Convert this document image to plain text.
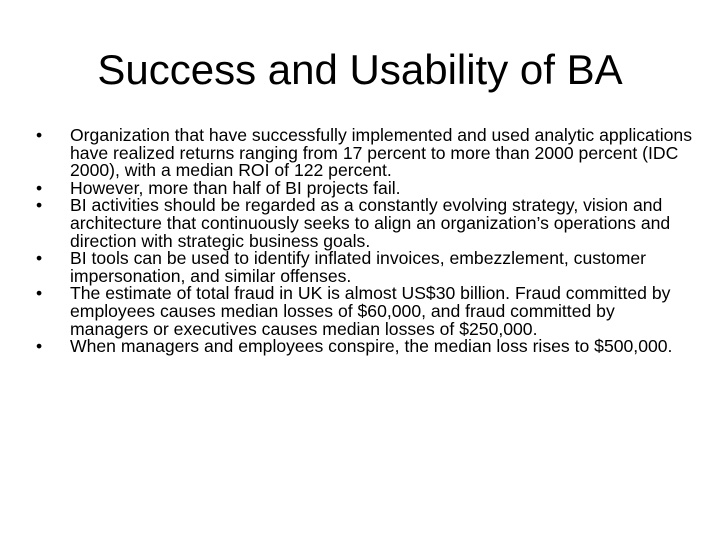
Success and Usability of BA
•	Organization that have successfully implemented and used analytic applications have realized returns ranging from 17 percent to more than 2000 percent (IDC 2000), with a median ROI of 122 percent.
•	However, more than half of BI projects fail.
•	BI activities should be regarded as a constantly evolving strategy, vision and architecture that continuously seeks to align an organization’s operations and direction with strategic business goals.
•	BI tools can be used to identify inflated invoices, embezzlement, customer impersonation, and similar offenses.
•	The estimate of total fraud in UK is almost US$30 billion. Fraud committed by employees causes median losses of $60,000, and fraud committed by managers or executives causes median losses of $250,000.
•	When managers and employees conspire, the median loss rises to $500,000.
